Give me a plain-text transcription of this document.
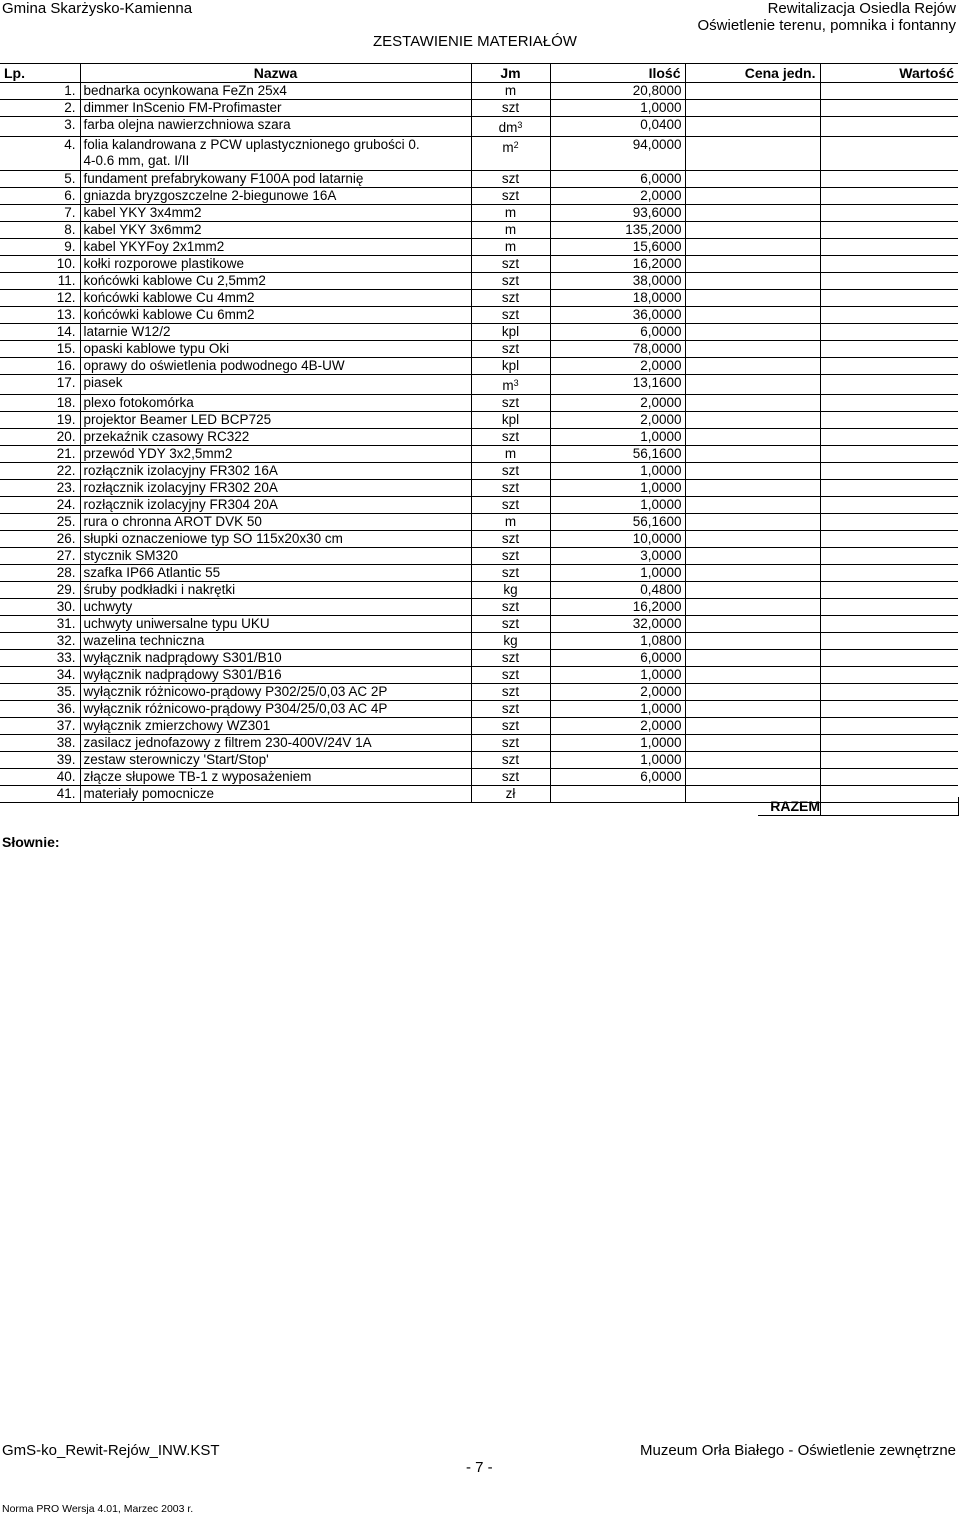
Gmina Skarżysko-Kamienna	Rewitalizacja Osiedla Rejów
Oświetlenie terenu, pomnika i fontanny
ZESTAWIENIE MATERIAŁÓW
Lp.	Nazwa	Jm	Ilość	Cena jedn.	Wartość
1.	bednarka ocynkowana FeZn 25x4	m	20,8000		
2.	dimmer InScenio FM-Profimaster	szt	1,0000		
3.	farba olejna nawierzchniowa szara	$dm^3$	0,0400		
4.	folia kalandrowana z PCW uplastycznionego grubości 0.
4-0.6 mm, gat. I/II	$m^2$	94,0000		
5.	fundament prefabrykowany F100A pod latarnię	szt	6,0000		
6.	gniazda bryzgoszczelne 2-biegunowe 16A	szt	2,0000		
7.	kabel YKY 3x4mm2	m	93,6000		
8.	kabel YKY 3x6mm2	m	135,2000		
9.	kabel YKYFoy 2x1mm2	m	15,6000		
10.	kołki rozporowe plastikowe	szt	16,2000		
11.	końcówki kablowe Cu 2,5mm2	szt	38,0000		
12.	końcówki kablowe Cu 4mm2	szt	18,0000		
13.	końcówki kablowe Cu 6mm2	szt	36,0000		
14.	latarnie W12/2	kpl	6,0000		
15.	opaski kablowe typu Oki	szt	78,0000		
16.	oprawy do oświetlenia podwodnego 4B-UW	kpl	2,0000		
17.	piasek	$m^3$	13,1600		
18.	plexo fotokomórka	szt	2,0000		
19.	projektor Beamer LED BCP725	kpl	2,0000		
20.	przekaźnik czasowy RC322	szt	1,0000		
21.	przewód YDY 3x2,5mm2	m	56,1600		
22.	rozłącznik izolacyjny FR302 16A	szt	1,0000		
23.	rozłącznik izolacyjny FR302 20A	szt	1,0000		
24.	rozłącznik izolacyjny FR304 20A	szt	1,0000		
25.	rura o chronna AROT DVK 50	m	56,1600		
26.	słupki oznaczeniowe typ SO 115x20x30 cm	szt	10,0000		
27.	stycznik SM320	szt	3,0000		
28.	szafka IP66 Atlantic 55	szt	1,0000		
29.	śruby podkładki i nakrętki	kg	0,4800		
30.	uchwyty	szt	16,2000		
31.	uchwyty uniwersalne typu UKU	szt	32,0000		
32.	wazelina techniczna	kg	1,0800		
33.	wyłącznik nadprądowy S301/B10	szt	6,0000		
34.	wyłącznik nadprądowy S301/B16	szt	1,0000		
35.	wyłącznik różnicowo-prądowy P302/25/0,03 AC 2P	szt	2,0000		
36.	wyłącznik różnicowo-prądowy P304/25/0,03 AC 4P	szt	1,0000		
37.	wyłącznik zmierzchowy WZ301	szt	2,0000		
38.	zasilacz jednofazowy z filtrem 230-400V/24V 1A	szt	1,0000		
39.	zestaw sterowniczy 'Start/Stop'	szt	1,0000		
40.	złącze słupowe TB-1 z wyposażeniem	szt	6,0000		
41.	materiały pomocnicze	zł			
RAZEM
Słownie:
GmS-ko_Rewit-Rejów_INW.KST
- 7 -
Muzeum Orła Białego - Oświetlenie zewnętrzne
Norma PRO Wersja 4.01, Marzec 2003 r.
